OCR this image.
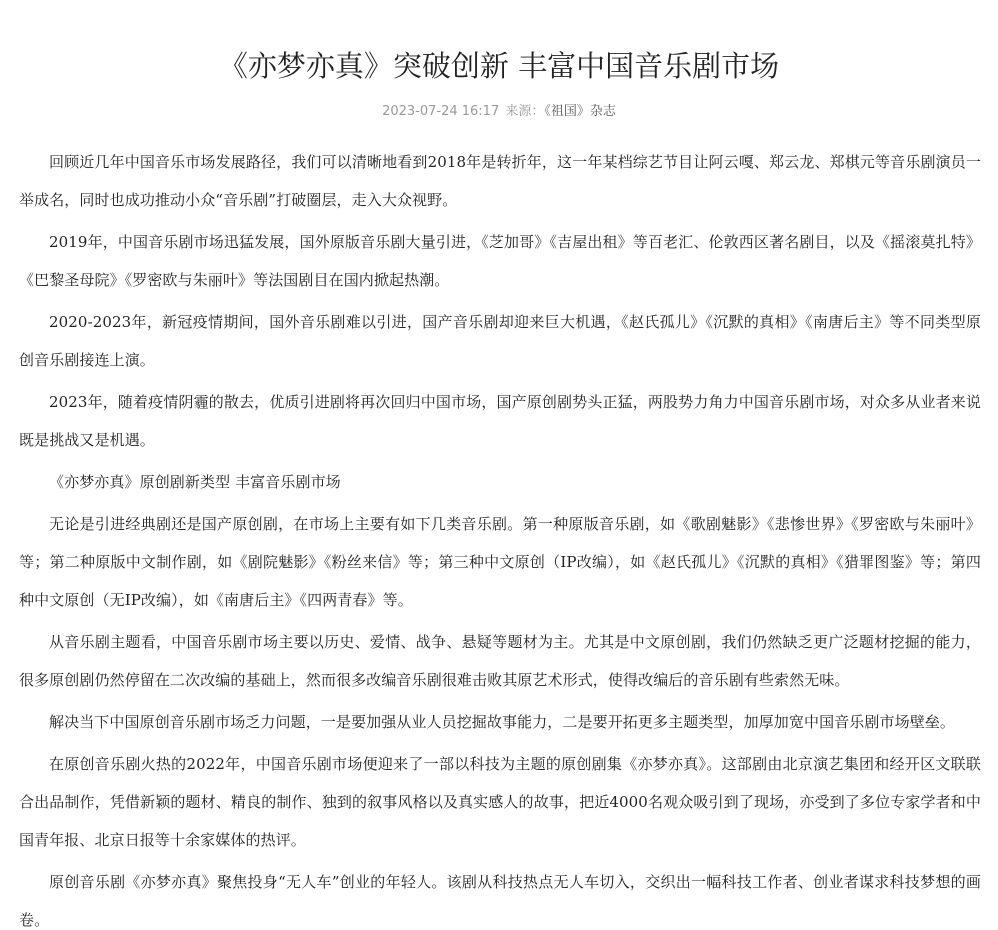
《亦梦亦真》突破创新 丰富中国音乐剧市场
2023-07-24 16:17 来源：《祖国》杂志

回顾近几年中国音乐市场发展路径，我们可以清晰地看到2018年是转折年，这一年某档综艺节目让阿云嘎、郑云龙、郑棋元等音乐剧演员一举成名，同时也成功推动小众“音乐剧”打破圈层，走入大众视野。

2019年，中国音乐剧市场迅猛发展，国外原版音乐剧大量引进，《芝加哥》《吉屋出租》等百老汇、伦敦西区著名剧目，以及《摇滚莫扎特》《巴黎圣母院》《罗密欧与朱丽叶》等法国剧目在国内掀起热潮。

2020-2023年，新冠疫情期间，国外音乐剧难以引进，国产音乐剧却迎来巨大机遇，《赵氏孤儿》《沉默的真相》《南唐后主》等不同类型原创音乐剧接连上演。

2023年，随着疫情阴霾的散去，优质引进剧将再次回归中国市场，国产原创剧势头正猛，两股势力角力中国音乐剧市场，对众多从业者来说既是挑战又是机遇。

《亦梦亦真》原创剧新类型 丰富音乐剧市场

无论是引进经典剧还是国产原创剧，在市场上主要有如下几类音乐剧。第一种原版音乐剧，如《歌剧魅影》《悲惨世界》《罗密欧与朱丽叶》等；第二种原版中文制作剧，如《剧院魅影》《粉丝来信》等；第三种中文原创（IP改编），如《赵氏孤儿》《沉默的真相》《猎罪图鉴》等；第四种中文原创（无IP改编），如《南唐后主》《四两青春》等。

从音乐剧主题看，中国音乐剧市场主要以历史、爱情、战争、悬疑等题材为主。尤其是中文原创剧，我们仍然缺乏更广泛题材挖掘的能力，很多原创剧仍然停留在二次改编的基础上，然而很多改编音乐剧很难击败其原艺术形式，使得改编后的音乐剧有些索然无味。

解决当下中国原创音乐剧市场乏力问题，一是要加强从业人员挖掘故事能力，二是要开拓更多主题类型，加厚加宽中国音乐剧市场壁垒。

在原创音乐剧火热的2022年，中国音乐剧市场便迎来了一部以科技为主题的原创剧集《亦梦亦真》。这部剧由北京演艺集团和经开区文联联合出品制作，凭借新颖的题材、精良的制作、独到的叙事风格以及真实感人的故事，把近4000名观众吸引到了现场，亦受到了多位专家学者和中国青年报、北京日报等十余家媒体的热评。

原创音乐剧《亦梦亦真》聚焦投身“无人车”创业的年轻人。该剧从科技热点无人车切入，交织出一幅科技工作者、创业者谋求科技梦想的画卷。
